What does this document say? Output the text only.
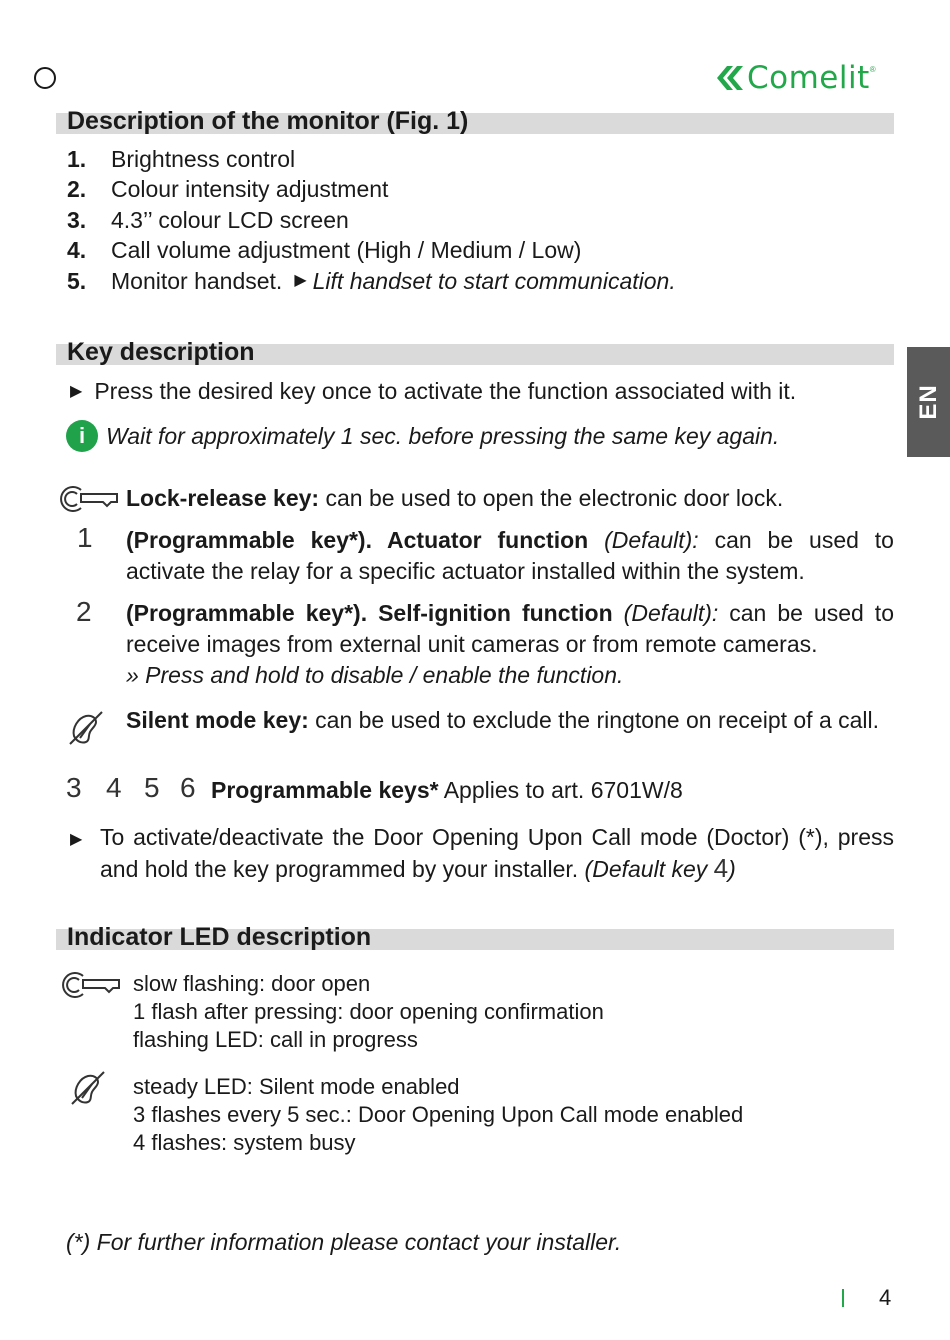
Comelit ®
EN
Description of the monitor (Fig. 1)
1.	Brightness control
2.	Colour intensity adjustment
3.	4.3’’ colour LCD screen
4.	Call volume adjustment (High / Medium / Low)
5.	Monitor handset. ▶ Lift handset to start communication.
Key description
▶ Press the desired key once to activate the function associated with it.
i Wait for approximately 1 sec. before pressing the same key again.
Lock-release key: can be used to open the electronic door lock.
1 (Programmable key*). Actuator function (Default): can be used to activate the relay for a specific actuator installed within the system.
2 (Programmable key*). Self-ignition function (Default): can be used to receive images from external unit cameras or from remote cameras.
» Press and hold to disable / enable the function.
Silent mode key: can be used to exclude the ringtone on receipt of a call.
3 4 5 6 Programmable keys* Applies to art. 6701W/8
▶ To activate/deactivate the Door Opening Upon Call mode (Doctor) (*), press and hold the key programmed by your installer. (Default key 4)
Indicator LED description
slow flashing: door open
1 flash after pressing: door opening confirmation
flashing LED: call in progress
steady LED: Silent mode enabled
3 flashes every 5 sec.: Door Opening Upon Call mode enabled
4 flashes: system busy
(*) For further information please contact your installer.
4
